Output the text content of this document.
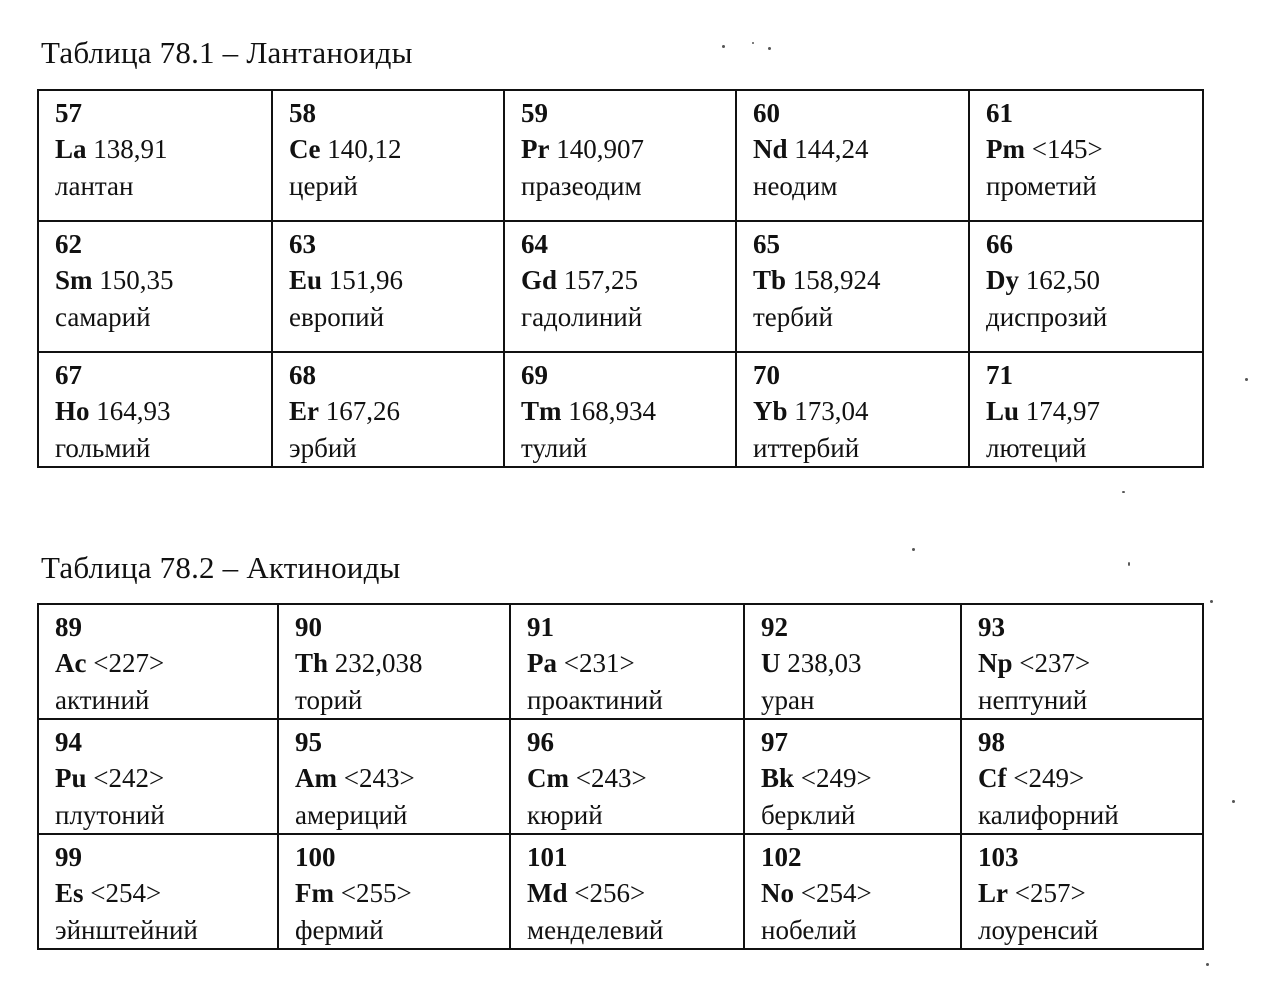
Таблица 78.1 – Лантаноиды
57
La 138,91
лантан	58
Ce 140,12
церий	59
Pr 140,907
празеодим	60
Nd 144,24
неодим	61
Pm <145>
прометий

62
Sm 150,35
самарий	63
Eu 151,96
европий	64
Gd 157,25
гадолиний	65
Tb 158,924
тербий	66
Dy 162,50
диспрозий

67
Ho 164,93
гольмий	68
Er 167,26
эрбий	69
Tm 168,934
тулий	70
Yb 173,04
иттербий	71
Lu 174,97
лютеций
Таблица 78.2 – Актиноиды
89
Ac <227>
актиний	90
Th 232,038
торий	91
Pa <231>
проактиний	92
U 238,03
уран	93
Np <237>
нептуний

94
Pu <242>
плутоний	95
Am <243>
америций	96
Cm <243>
кюрий	97
Bk <249>
берклий	98
Cf <249>
калифорний

99
Es <254>
эйнштейний	100
Fm <255>
фермий	101
Md <256>
менделевий	102
No <254>
нобелий	103
Lr <257>
лоуренсий
